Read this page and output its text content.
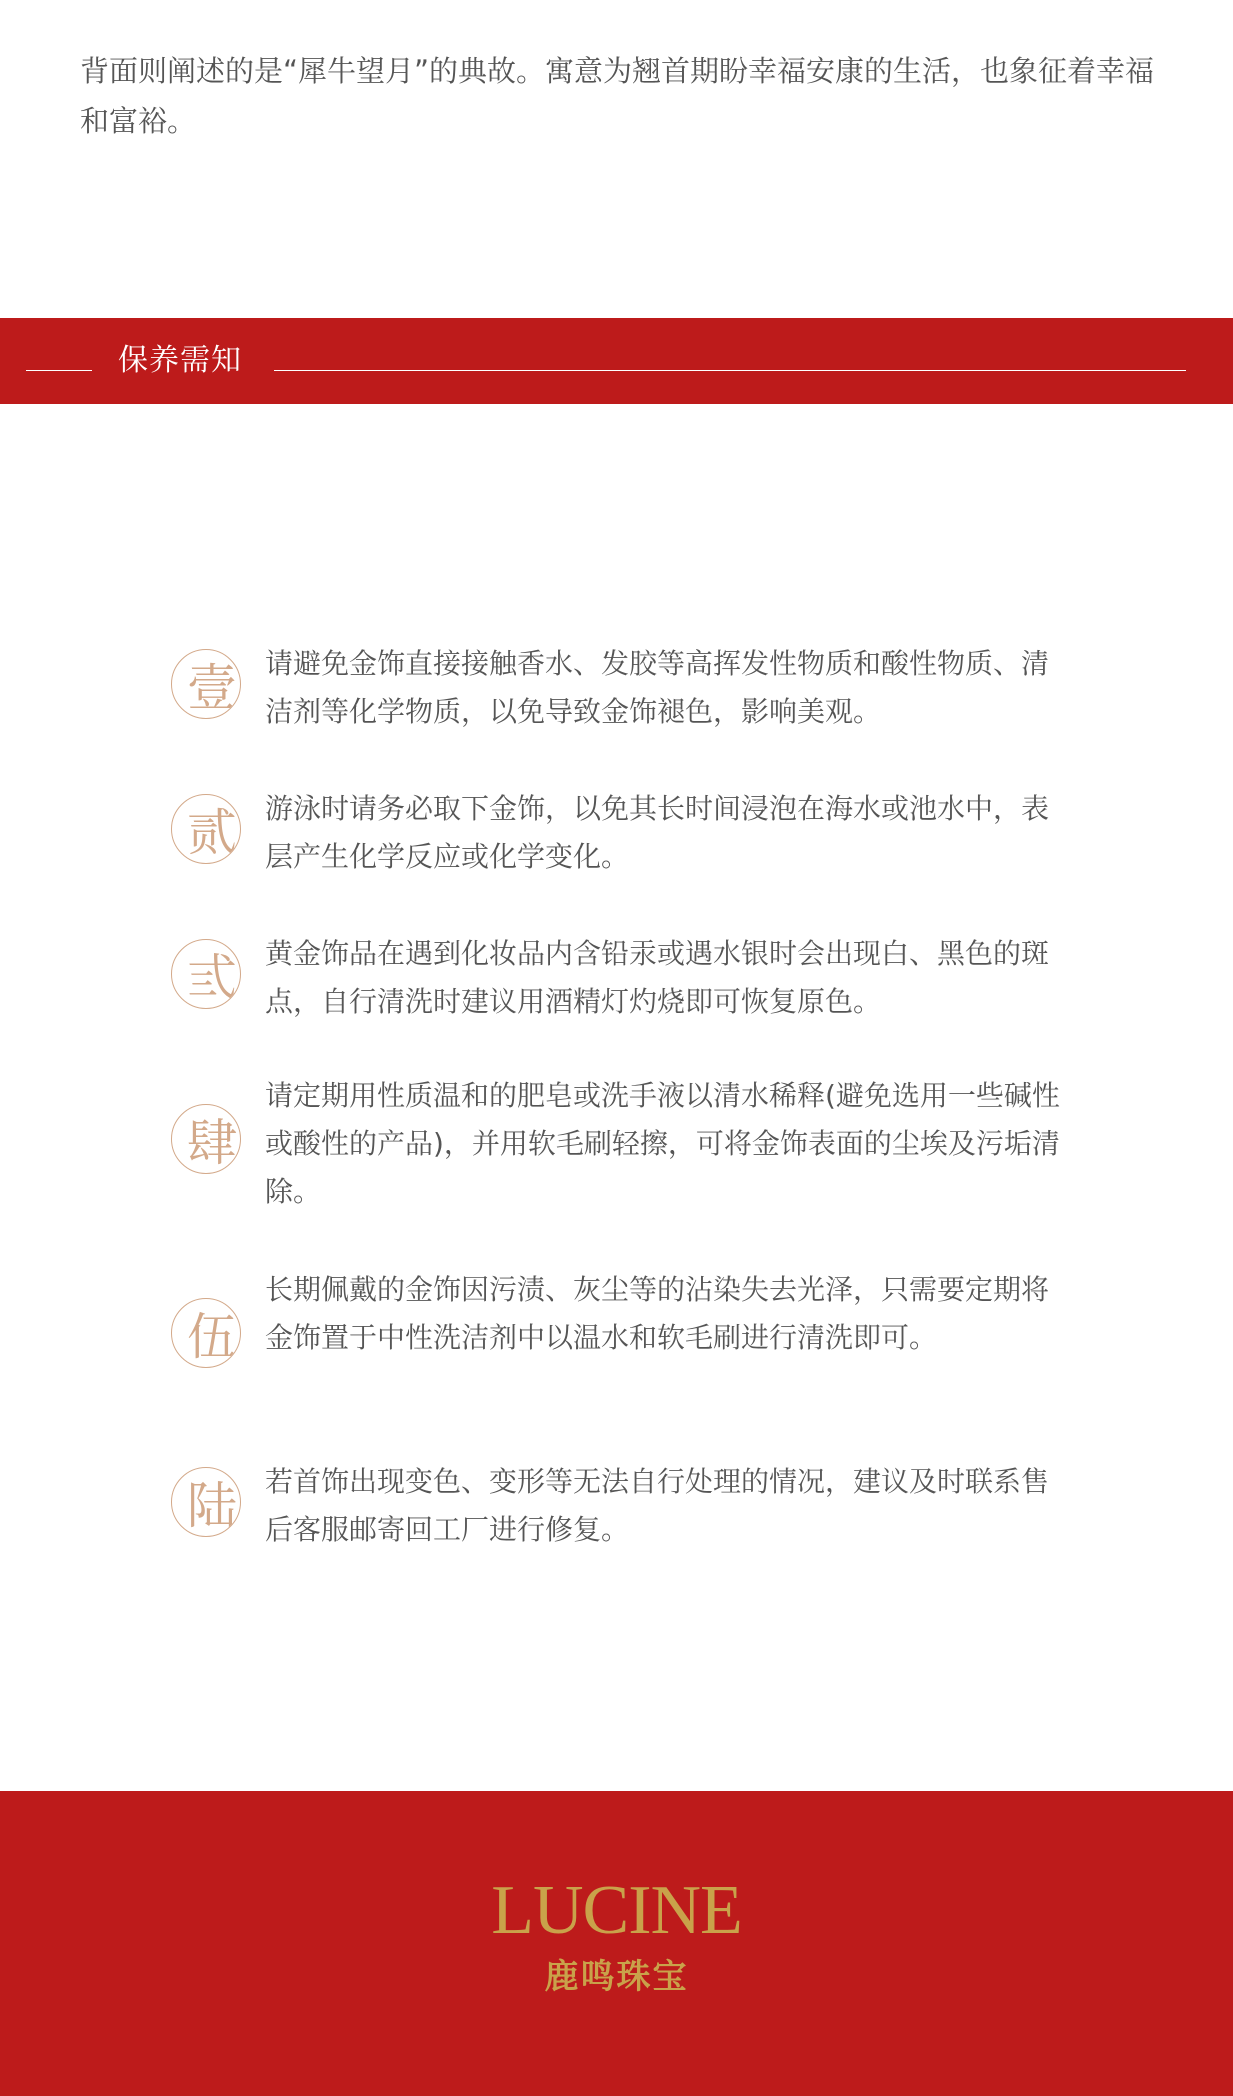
背面则阐述的是“犀牛望月”的典故。寓意为翘首期盼幸福安康的生活，也象征着幸福和富裕。
保养需知
壹	请避免金饰直接接触香水、发胶等高挥发性物质和酸性物质、清洁剂等化学物质，以免导致金饰褪色，影响美观。
贰	游泳时请务必取下金饰，以免其长时间浸泡在海水或池水中，表层产生化学反应或化学变化。
弎	黄金饰品在遇到化妆品内含铅汞或遇水银时会出现白、黑色的斑点，自行清洗时建议用酒精灯灼烧即可恢复原色。
肆
请定期用性质温和的肥皂或洗手液以清水稀释(避免选用一些碱性或酸性的产品)，并用软毛刷轻擦，可将金饰表面的尘埃及污垢清除。
伍
长期佩戴的金饰因污渍、灰尘等的沾染失去光泽，只需要定期将金饰置于中性洗洁剂中以温水和软毛刷进行清洗即可。
陆	若首饰出现变色、变形等无法自行处理的情况，建议及时联系售后客服邮寄回工厂进行修复。
LUCINE
鹿鸣珠宝
